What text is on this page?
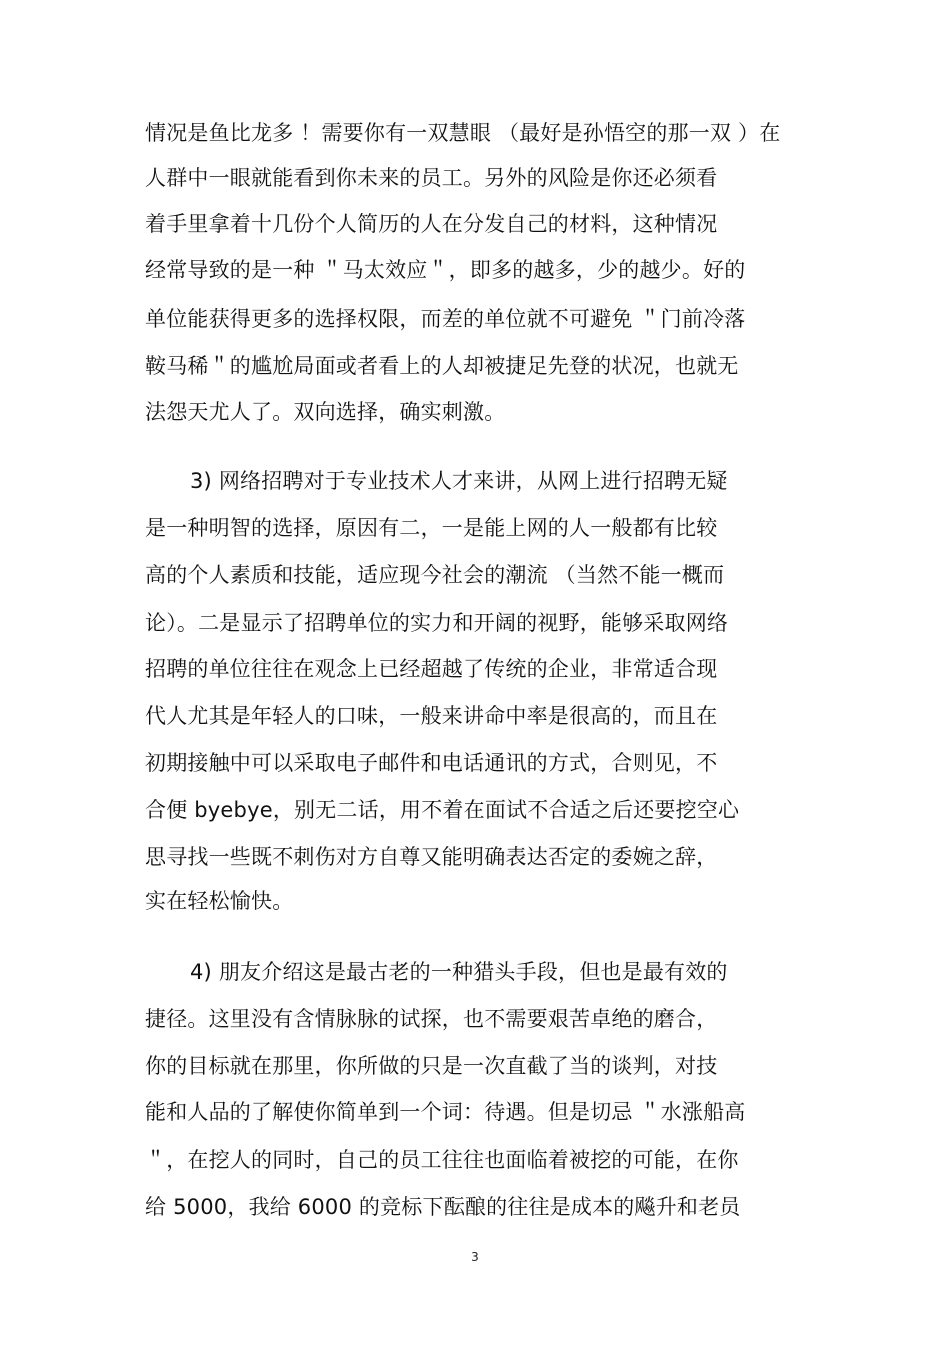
情况是鱼比龙多 ！需要你有一双慧眼 （最好是孙悟空的那一双 ）在
人群中一眼就能看到你未来的员工。另外的风险是你还必须看
着手里拿着十几份个人简历的人在分发自己的材料，这种情况
经常导致的是一种 ＂马太效应＂，即多的越多，少的越少。好的
单位能获得更多的选择权限，而差的单位就不可避免 ＂门前冷落
鞍马稀＂的尴尬局面或者看上的人却被捷足先登的状况，也就无
法怨天尤人了。双向选择，确实刺激。
3) 网络招聘对于专业技术人才来讲，从网上进行招聘无疑
是一种明智的选择，原因有二，一是能上网的人一般都有比较
高的个人素质和技能，适应现今社会的潮流 （当然不能一概而
论）。二是显示了招聘单位的实力和开阔的视野，能够采取网络
招聘的单位往往在观念上已经超越了传统的企业，非常适合现
代人尤其是年轻人的口味，一般来讲命中率是很高的，而且在
初期接触中可以采取电子邮件和电话通讯的方式，合则见，不
合便 byebye，别无二话，用不着在面试不合适之后还要挖空心
思寻找一些既不刺伤对方自尊又能明确表达否定的委婉之辞，
实在轻松愉快。
4) 朋友介绍这是最古老的一种猎头手段，但也是最有效的
捷径。这里没有含情脉脉的试探，也不需要艰苦卓绝的磨合，
你的目标就在那里，你所做的只是一次直截了当的谈判，对技
能和人品的了解使你简单到一个词：待遇。但是切忌 ＂水涨船高
＂，在挖人的同时，自己的员工往往也面临着被挖的可能，在你
给 5000，我给 6000 的竞标下酝酿的往往是成本的飚升和老员
3
